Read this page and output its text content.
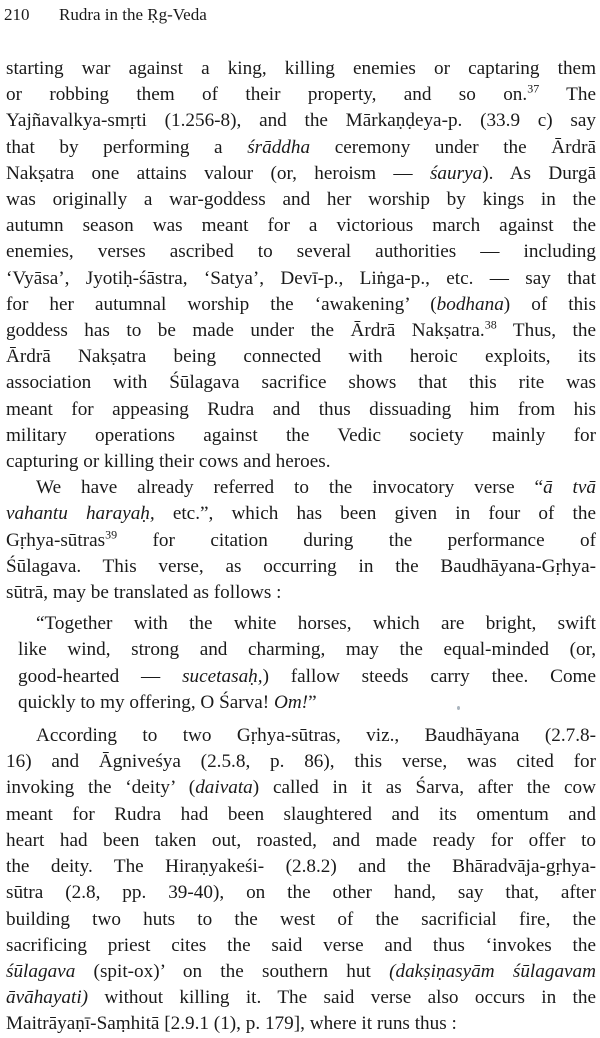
210 Rudra in the Ṛg-Veda
starting war against a king, killing enemies or captaring them
or robbing them of their property, and so on.$^{37}$ The
Yajñavalkya-smṛti (1.256-8), and the Mārkaṇḍeya-p. (33.9 c) say
that by performing a śrāddha ceremony under the Ārdrā
Nakṣatra one attains valour (or, heroism — śaurya). As Durgā
was originally a war-goddess and her worship by kings in the
autumn season was meant for a victorious march against the
enemies, verses ascribed to several authorities — including
‘Vyāsa’, Jyotiḥ-śāstra, ‘Satya’, Devī-p., Liṅga-p., etc. — say that
for her autumnal worship the ‘awakening’ (bodhana) of this
goddess has to be made under the Ārdrā Nakṣatra.$^{38}$ Thus, the
Ārdrā Nakṣatra being connected with heroic exploits, its
association with Śūlagava sacrifice shows that this rite was
meant for appeasing Rudra and thus dissuading him from his
military operations against the Vedic society mainly for
capturing or killing their cows and heroes.
We have already referred to the invocatory verse “ā tvā
vahantu harayaḥ, etc.”, which has been given in four of the
Gṛhya-sūtras$^{39}$ for citation during the performance of
Śūlagava. This verse, as occurring in the Baudhāyana-Gṛhya-
sūtrā, may be translated as follows :
“Together with the white horses, which are bright, swift
like wind, strong and charming, may the equal-minded (or,
good-hearted — sucetasaḥ,) fallow steeds carry thee. Come
quickly to my offering, O Śarva! Om!”
According to two Gṛhya-sūtras, viz., Baudhāyana (2.7.8-
16) and Āgniveśya (2.5.8, p. 86), this verse, was cited for
invoking the ‘deity’ (daivata) called in it as Śarva, after the cow
meant for Rudra had been slaughtered and its omentum and
heart had been taken out, roasted, and made ready for offer to
the deity. The Hiraṇyakeśi- (2.8.2) and the Bhāradvāja-gṛhya-
sūtra (2.8, pp. 39-40), on the other hand, say that, after
building two huts to the west of the sacrificial fire, the
sacrificing priest cites the said verse and thus ‘invokes the
śūlagava (spit-ox)’ on the southern hut (dakṣiṇasyām śūlagavam
āvāhayati) without killing it. The said verse also occurs in the
Maitrāyaṇī-Saṃhitā [2.9.1 (1), p. 179], where it runs thus :
